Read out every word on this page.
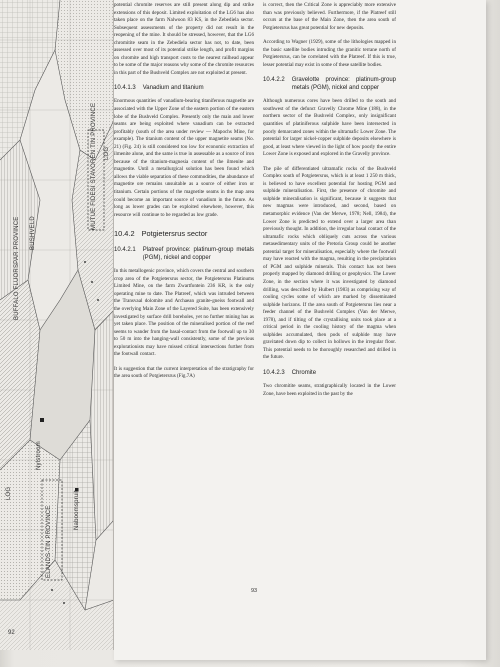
BUFFALO FLUORSPAR PROVINCE BUSHVELD
MUTUE FIDESI STAVOREN TIN PROVINCE
Nylstroom
ELANDS-TIN PROVINCE	Naboomspruit
LOG
LOG
92

potential chromite reserves are still present along dip and strike extensions of this deposit. Limited exploitation of the LG6 has also taken place on the farm Nalwoon 83 KS, in the Zebediela sector. Subsequent assessments of the property did not result in the reopening of the mine. It should be stressed, however, that the LG6 chromitite seam in the Zebediela sector has not, to date, been assessed over most of its potential strike length, and profit margins on chromite and high transport costs to the nearest railhead appear to be some of the major reasons why some of the chromite resources in this part of the Bushveld Complex are not exploited at present.

10.4.1.3 Vanadium and titanium

Enormous quantities of vanadium-bearing titaniferous magnetite are associated with the Upper Zone of the eastern portion of the eastern lobe of the Bushveld Complex. Presently only the main and lower seams are being exploited where vanadium can be extracted profitably (south of the area under review — Mapochs Mine, for example). The titanium content of the upper magnetite seams (No. 21) (Fig. 24) is still considered too low for economic extraction of ilmenite alone, and the same is true in assessable as a source of iron because of the titanium-magnesia content of the ilmenite and magnetite. Until a metallurgical solution has been found which allows the viable separation of these commodities, the abundance of magnetite ore remains unsuitable as a source of either iron or titanium. Certain portions of the magnetite seams in the map area could become an important source of vanadium in the future. As long as lower grades can be exploited elsewhere, however, this resource will continue to be regarded as low grade.

10.4.2 Potgietersrus sector
10.4.2.1 Platreef province: platinum-group metals (PGM), nickel and copper

In this metallogenic province, which covers the central and southern crop area of the Potgietersrus sector, the Potgietersrus Platinums Limited Mine, on the farm Zwartfontein 236 KR, is the only operating mine to date. The Platreef, which was intruded between the Transvaal dolomite and Archaean granite-gneiss footwall and the overlying Main Zone of the Layered Suite, has been extensively investigated by surface drill boreholes, yet no further mining has as yet taken place. The position of the mineralised portion of the reef seems to wander from the basal-contact from the footwall up to 30 to 50 m into the hanging-wall consistently, some of the previous explorationists may have missed critical intersections further from the footwall contact.

It is suggestion that the current interpretation of the stratigraphy for the area south of Potgietersrus (Fig.7A)

is correct, then the Critical Zone is appreciably more extensive than was previously believed. Furthermore, if the Platreef still occurs at the base of the Main Zone, then the area south of Potgietersrus has great potential for new deposits.

According to Wagner (1929), some of the lithologies mapped in the basic satellite bodies intruding the granitic terrane north of Potgietersrus, can be correlated with the Platreef. If this is true, lesser potential may exist in some of these satellite bodies.

10.4.2.2 Gravelotte province: platinum-group metals (PGM), nickel and copper

Although numerous cores have been drilled to the south and southwest of the defunct Gravelly Chrome Mine (188), in the northern sector of the Bushveld Complex, only insignificant quantities of platiniferous sulphide have been intersected in poorly demarcated zones within the ultramafic Lower Zone. The potential for larger nickel-copper sulphide deposits elsewhere is good, at least where viewed in the light of how poorly the entire Lower Zone is exposed and explored in the Gravelly province.

The pile of differentiated ultramafic rocks of the Bushveld Complex south of Potgietersrus, which is at least 1 250 m thick, is believed to have excellent potential for hosting PGM and sulphide mineralisation. First, the presence of chromite and sulphide mineralisation is significant, because it suggests that new magmas were introduced, and second, based on metamorphic evidence (Van der Merwe, 1978; Nell, 1984), the Lower Zone is predicted to extend over a larger area than previously thought. In addition, the irregular basal contact of the ultramafic rocks which obliquely cuts across the various metasedimentary units of the Pretoria Group could be another potential target for mineralisation, especially where the footwall may have reacted with the magma, resulting in the precipitation of PGM and sulphide minerals. This contact has not been properly mapped by diamond drilling or geophysics. The Lower Zone, in the section where it was investigated by diamond drilling, was described by Hulbert (1983) as comprising way of cooling cycles some of which are marked by disseminated sulphide horizons. If the area south of Potgietersrus lies near a feeder channel of the Bushveld Complex (Van der Merwe, 1978), and if tilting of the crystallising units took place at a critical period in the cooling history of the magma when sulphides accumulated, then pods of sulphide may have gravitated down dip to collect in hollows in the irregular floor. This potential needs to be thoroughly researched and drilled in the future.

10.4.2.3 Chromite

Two chromitite seams, stratigraphically located in the Lower Zone, have been exploited in the past by the

93
